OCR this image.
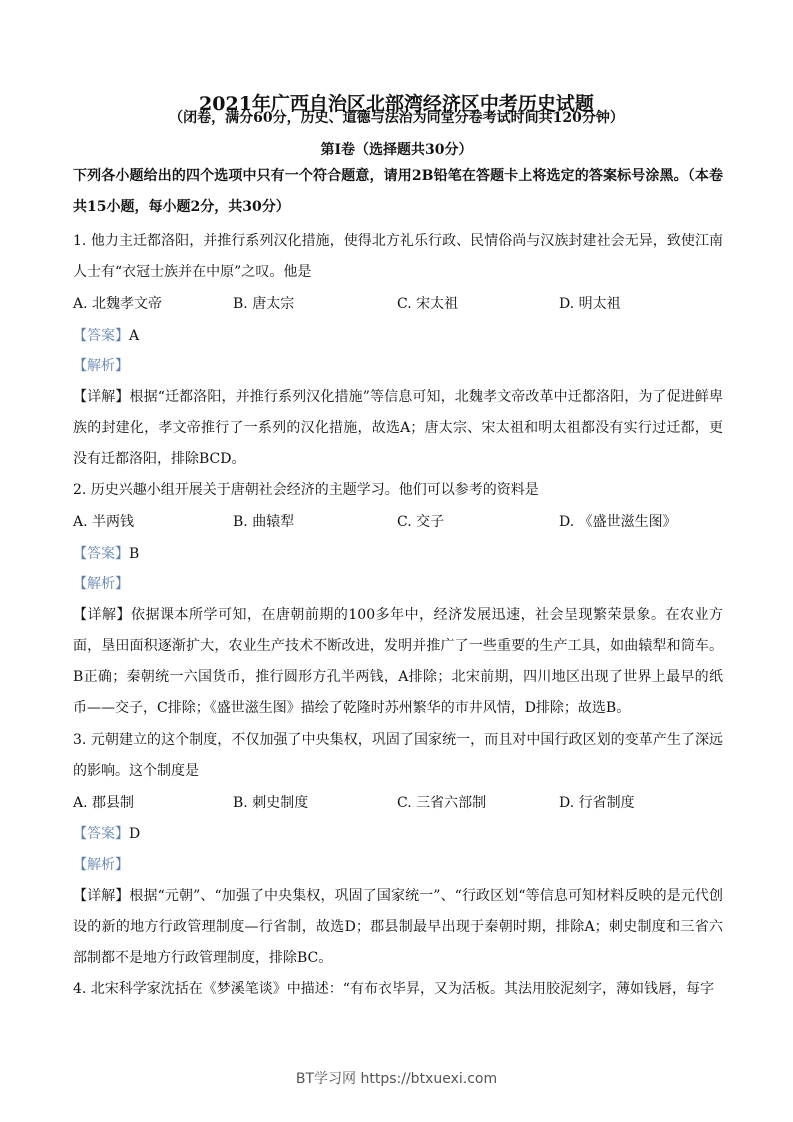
2021年广西自治区北部湾经济区中考历史试题
（闭卷，满分60分，历史、道德与法治为同堂分卷考试时间共120分钟）
第Ⅰ卷（选择题共30分）
下列各小题给出的四个选项中只有一个符合题意，请用2B铅笔在答题卡上将选定的答案标号涂黑。（本卷共15小题，每小题2分，共30分）
1. 他力主迁都洛阳，并推行系列汉化措施，使得北方礼乐行政、民情俗尚与汉族封建社会无异，致使江南人士有“衣冠士族并在中原”之叹。他是
A. 北魏孝文帝	B. 唐太宗	C. 宋太祖	D. 明太祖
【答案】A
【解析】
【详解】根据“迁都洛阳，并推行系列汉化措施”等信息可知，北魏孝文帝改革中迁都洛阳，为了促进鲜卑族的封建化，孝文帝推行了一系列的汉化措施，故选A；唐太宗、宋太祖和明太祖都没有实行过迁都，更没有迁都洛阳，排除BCD。
2. 历史兴趣小组开展关于唐朝社会经济的主题学习。他们可以参考的资料是
A. 半两钱	B. 曲辕犁	C. 交子	D. 《盛世滋生图》
【答案】B
【解析】
【详解】依据课本所学可知，在唐朝前期的100多年中，经济发展迅速，社会呈现繁荣景象。在农业方面，垦田面积逐渐扩大，农业生产技术不断改进，发明并推广了一些重要的生产工具，如曲辕犁和筒车。B正确；秦朝统一六国货币，推行圆形方孔半两钱，A排除；北宋前期，四川地区出现了世界上最早的纸币——交子，C排除；《盛世滋生图》描绘了乾隆时苏州繁华的市井风情，D排除；故选B。
3. 元朝建立的这个制度，不仅加强了中央集权，巩固了国家统一，而且对中国行政区划的变革产生了深远的影响。这个制度是
A. 郡县制	B. 刺史制度	C. 三省六部制	D. 行省制度
【答案】D
【解析】
【详解】根据“元朝”、“加强了中央集权，巩固了国家统一”、“行政区划“等信息可知材料反映的是元代创设的新的地方行政管理制度—行省制，故选D；郡县制最早出现于秦朝时期，排除A；刺史制度和三省六部制都不是地方行政管理制度，排除BC。
4. 北宋科学家沈括在《梦溪笔谈》中描述：“有布衣毕昇，又为活板。其法用胶泥刻字，薄如钱唇，每字
BT学习网 https://btxuexi.com
